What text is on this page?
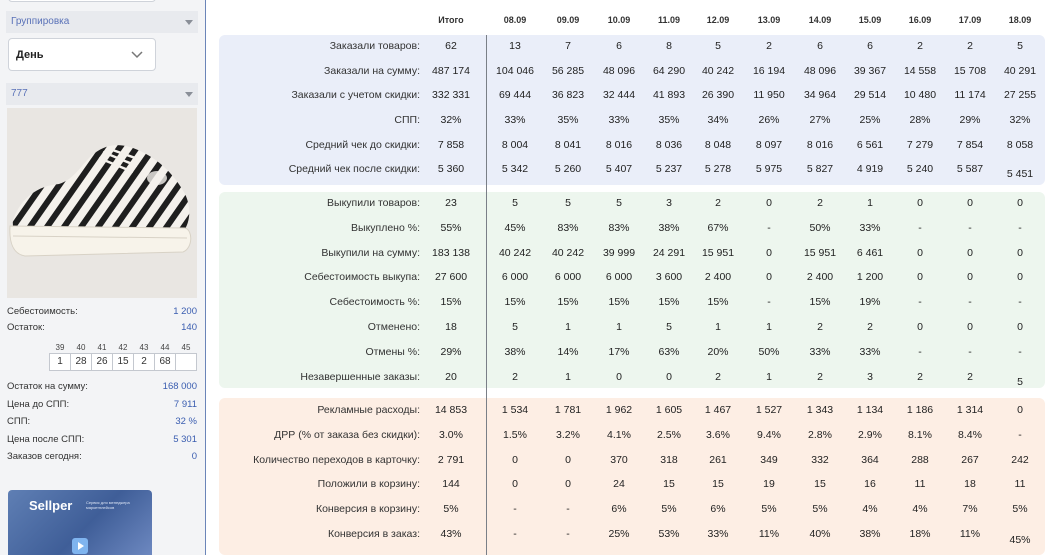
Группировка
День
777
Себестоимость:	1 200
Остаток:	140
39	40	41	42	43	44	45
1	28	26	15	2	68	
Остаток на сумму:	168 000
Цена до СПП:	7 911
СПП:	32 %
Цена после СПП:	5 301
Заказов сегодня:	0
Sellper	Сервис для менеджера маркетплейсов
Итого	08.09	09.09	10.09	11.09	12.09	13.09	14.09	15.09	16.09	17.09	18.09
Заказали товаров:	62	13	7	6	8	5	2	6	6	2	2	5
Заказали на сумму:	487 174	104 046	56 285	48 096	64 290	40 242	16 194	48 096	39 367	14 558	15 708	40 291
Заказали с учетом скидки:	332 331	69 444	36 823	32 444	41 893	26 390	11 950	34 964	29 514	10 480	11 174	27 255
СПП:	32%	33%	35%	33%	35%	34%	26%	27%	25%	28%	29%	32%
Средний чек до скидки:	7 858	8 004	8 041	8 016	8 036	8 048	8 097	8 016	6 561	7 279	7 854	8 058
Средний чек после скидки:	5 360	5 342	5 260	5 407	5 237	5 278	5 975	5 827	4 919	5 240	5 587	5 451
Выкупили товаров:	23	5	5	5	3	2	0	2	1	0	0	0
Выкуплено %:	55%	45%	83%	83%	38%	67%	-	50%	33%	-	-	-
Выкупили на сумму:	183 138	40 242	40 242	39 999	24 291	15 951	0	15 951	6 461	0	0	0
Себестоимость выкупа:	27 600	6 000	6 000	6 000	3 600	2 400	0	2 400	1 200	0	0	0
Себестоимость %:	15%	15%	15%	15%	15%	15%	-	15%	19%	-	-	-
Отменено:	18	5	1	1	5	1	1	2	2	0	0	0
Отмены %:	29%	38%	14%	17%	63%	20%	50%	33%	33%	-	-	-
Незавершенные заказы:	20	2	1	0	0	2	1	2	3	2	2	5
Рекламные расходы:	14 853	1 534	1 781	1 962	1 605	1 467	1 527	1 343	1 134	1 186	1 314	0
ДРР (% от заказа без скидки):	3.0%	1.5%	3.2%	4.1%	2.5%	3.6%	9.4%	2.8%	2.9%	8.1%	8.4%	-
Количество переходов в карточку:	2 791	0	0	370	318	261	349	332	364	288	267	242
Положили в корзину:	144	0	0	24	15	15	19	15	16	11	18	11
Конверсия в корзину:	5%	-	-	6%	5%	6%	5%	5%	4%	4%	7%	5%
Конверсия в заказ:	43%	-	-	25%	53%	33%	11%	40%	38%	18%	11%	45%
